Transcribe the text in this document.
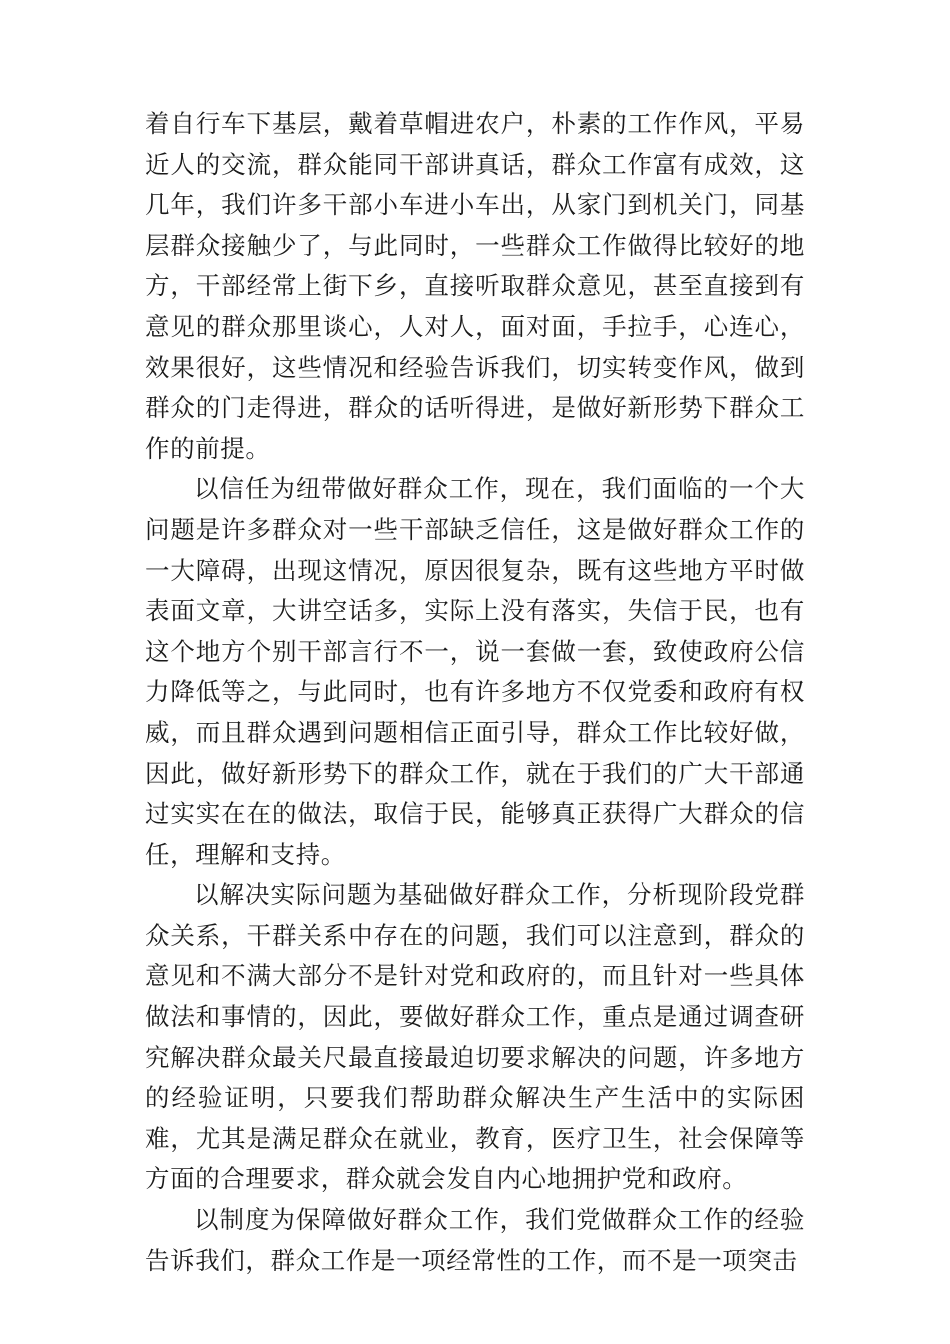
着自行车下基层，戴着草帽进农户，朴素的工作作风，平易近人的交流，群众能同干部讲真话，群众工作富有成效，这几年，我们许多干部小车进小车出，从家门到机关门，同基层群众接触少了，与此同时，一些群众工作做得比较好的地方，干部经常上街下乡，直接听取群众意见，甚至直接到有意见的群众那里谈心，人对人，面对面，手拉手，心连心，效果很好，这些情况和经验告诉我们，切实转变作风，做到群众的门走得进，群众的话听得进，是做好新形势下群众工作的前提。

以信任为纽带做好群众工作，现在，我们面临的一个大问题是许多群众对一些干部缺乏信任，这是做好群众工作的一大障碍，出现这情况，原因很复杂，既有这些地方平时做表面文章，大讲空话多，实际上没有落实，失信于民，也有这个地方个别干部言行不一，说一套做一套，致使政府公信力降低等之，与此同时，也有许多地方不仅党委和政府有权威，而且群众遇到问题相信正面引导，群众工作比较好做，因此，做好新形势下的群众工作，就在于我们的广大干部通过实实在在的做法，取信于民，能够真正获得广大群众的信任，理解和支持。

以解决实际问题为基础做好群众工作，分析现阶段党群众关系，干群关系中存在的问题，我们可以注意到，群众的意见和不满大部分不是针对党和政府的，而且针对一些具体做法和事情的，因此，要做好群众工作，重点是通过调查研究解决群众最关尺最直接最迫切要求解决的问题，许多地方的经验证明，只要我们帮助群众解决生产生活中的实际困难，尤其是满足群众在就业，教育，医疗卫生，社会保障等方面的合理要求，群众就会发自内心地拥护党和政府。

以制度为保障做好群众工作，我们党做群众工作的经验告诉我们，群众工作是一项经常性的工作，而不是一项突击
